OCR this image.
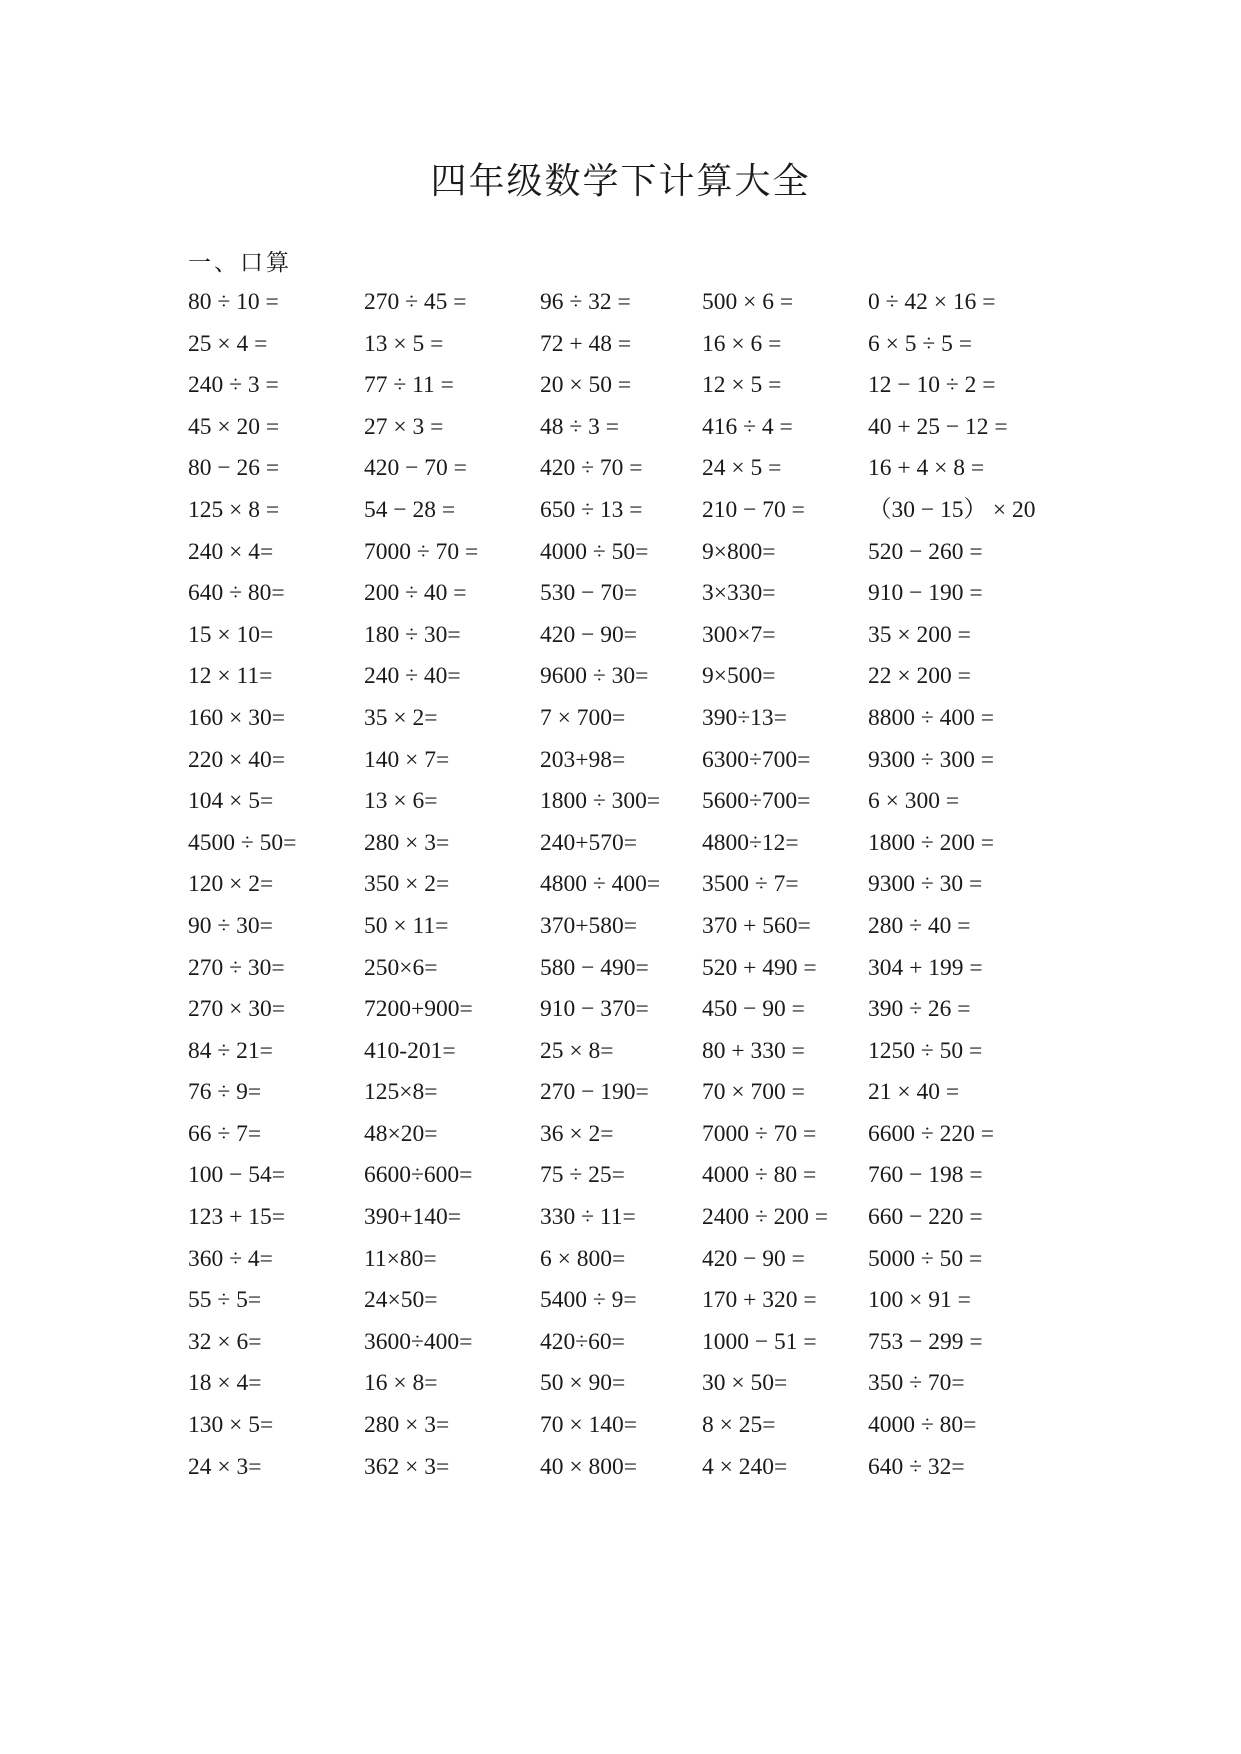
四年级数学下计算大全
一、口算
80 ÷ 10 =	270 ÷ 45 =	96 ÷ 32 =	500 × 6 =	0 ÷ 42 × 16 =
25 × 4 =	13 × 5 =	72 + 48 =	16 × 6 =	6 × 5 ÷ 5 =
240 ÷ 3 =	77 ÷ 11 =	20 × 50 =	12 × 5 =	12 − 10 ÷ 2 =
45 × 20 =	27 × 3 =	48 ÷ 3 =	416 ÷ 4 =	40 + 25 − 12 =
80 − 26 =	420 − 70 =	420 ÷ 70 =	24 × 5 =	16 + 4 × 8 =
125 × 8 =	54 − 28 =	650 ÷ 13 =	210 − 70 =	（30 − 15） × 20
240 × 4=	7000 ÷ 70 =	4000 ÷ 50= 9×800=	520 − 260 =
640 ÷ 80=	200 ÷ 40 =	530 − 70=	3×330=	910 − 190 =
15 × 10=	180 ÷ 30=	420 − 90=	300×7=	35 × 200 =
12 × 11=	240 ÷ 40=	9600 ÷ 30= 9×500=	22 × 200 =
160 × 30=	35 × 2=	7 × 700=	390÷13=	8800 ÷ 400 =
220 × 40=	140 × 7=	203+98=	6300÷700= 9300 ÷ 300 =
104 × 5=	13 × 6=	1800 ÷ 300= 5600÷700= 6 × 300 =
4500 ÷ 50=	280 × 3=	240+570=	4800÷12=	1800 ÷ 200 =
120 × 2=	350 × 2=	4800 ÷ 400= 3500 ÷ 7=	9300 ÷ 30 =
90 ÷ 30=	50 × 11=	370+580=	370 + 560= 280 ÷ 40 =
270 ÷ 30=	250×6=	580 − 490= 520 + 490 = 304 + 199 =
270 × 30=	7200+900=	910 − 370= 450 − 90 =	390 ÷ 26 =
84 ÷ 21=	410-201=	25 × 8=	80 + 330 =	1250 ÷ 50 =
76 ÷ 9=	125×8=	270 − 190= 70 × 700 =	21 × 40 =
66 ÷ 7=	48×20=	36 × 2=	7000 ÷ 70 = 6600 ÷ 220 =
100 − 54=	6600÷600=	75 ÷ 25=	4000 ÷ 80 = 760 − 198 =
123 + 15=	390+140=	330 ÷ 11=	2400 ÷ 200 = 660 − 220 =
360 ÷ 4=	11×80=	6 × 800=	420 − 90 =	5000 ÷ 50 =
55 ÷ 5=	24×50=	5400 ÷ 9=	170 + 320 = 100 × 91 =
32 × 6=	3600÷400=	420÷60=	1000 − 51 = 753 − 299 =
18 × 4=	16 × 8=	50 × 90=	30 × 50=	350 ÷ 70=
130 × 5=	280 × 3=	70 × 140=	8 × 25=	4000 ÷ 80=
24 × 3=	362 × 3=	40 × 800=	4 × 240=	640 ÷ 32=
